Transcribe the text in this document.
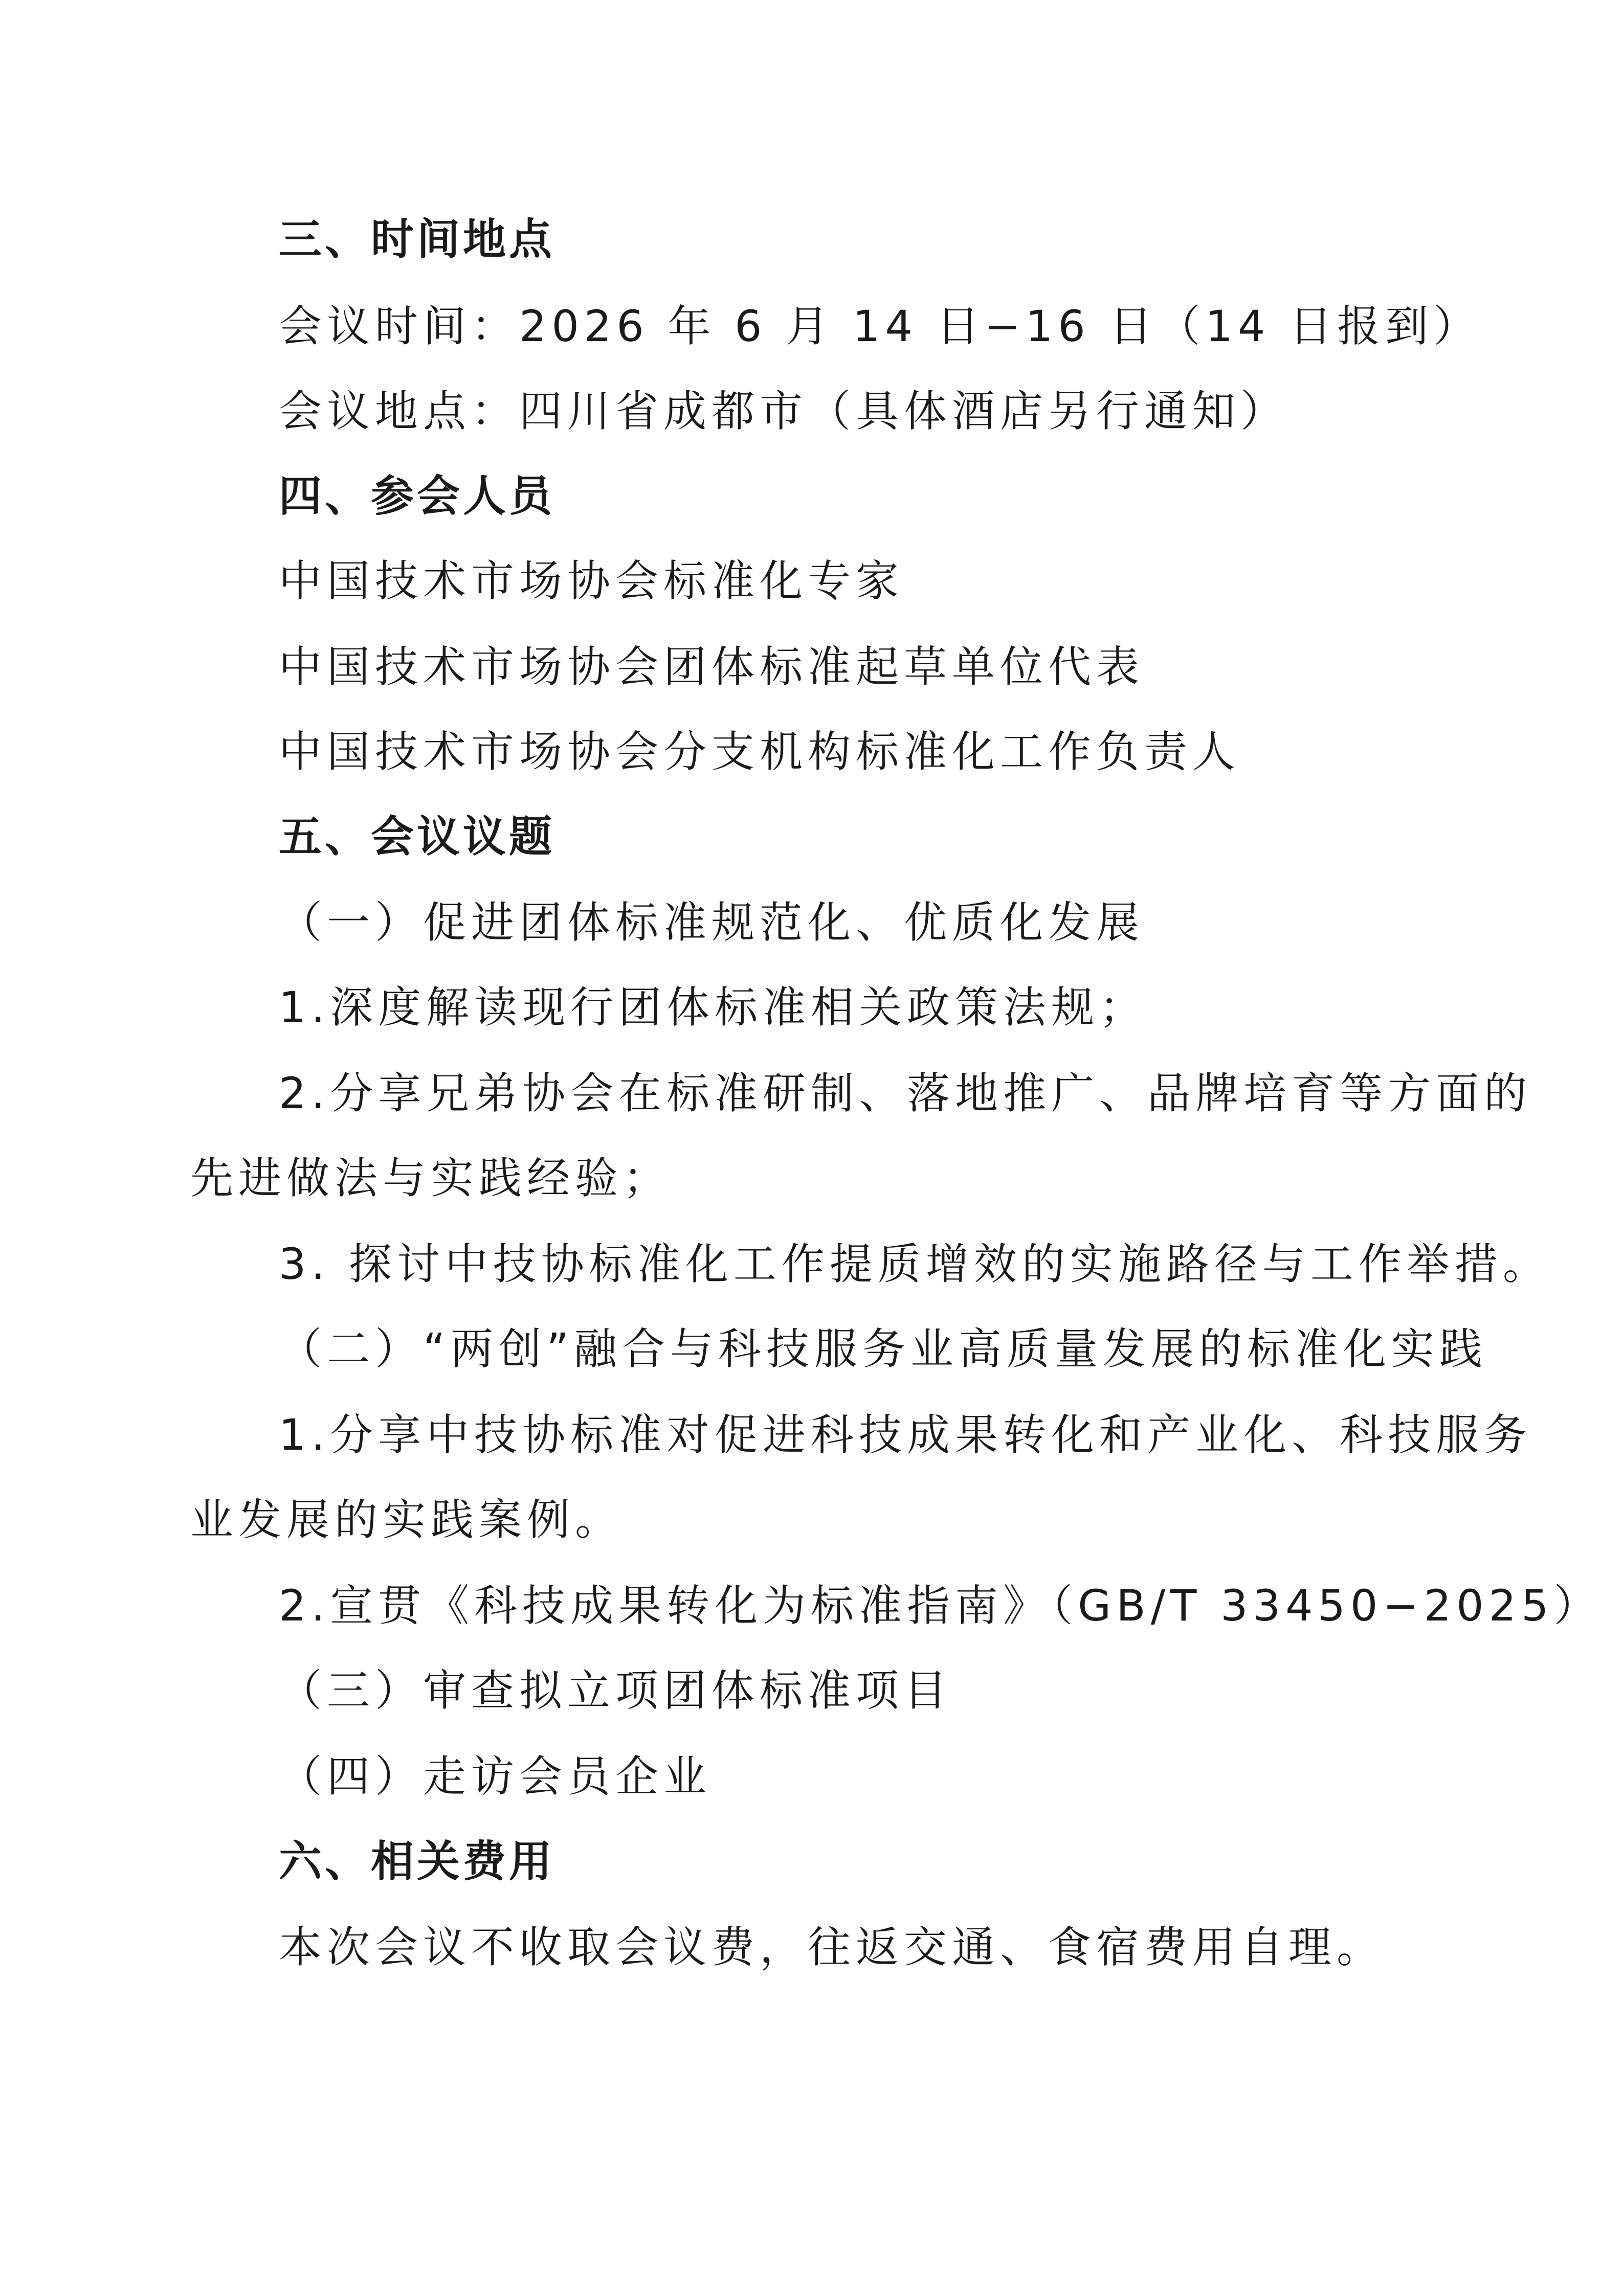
三、时间地点
会议时间：2026 年 6 月 14 日−16 日（14 日报到）
会议地点：四川省成都市（具体酒店另行通知）
四、参会人员
中国技术市场协会标准化专家
中国技术市场协会团体标准起草单位代表
中国技术市场协会分支机构标准化工作负责人
五、会议议题
（一）促进团体标准规范化、优质化发展
1.深度解读现行团体标准相关政策法规；
2.分享兄弟协会在标准研制、落地推广、品牌培育等方面的
先进做法与实践经验；
3. 探讨中技协标准化工作提质增效的实施路径与工作举措。
（二）“两创”融合与科技服务业高质量发展的标准化实践
1.分享中技协标准对促进科技成果转化和产业化、科技服务
业发展的实践案例。
2.宣贯《科技成果转化为标准指南》（GB/T 33450−2025）
（三）审查拟立项团体标准项目
（四）走访会员企业
六、相关费用
本次会议不收取会议费，往返交通、食宿费用自理。
